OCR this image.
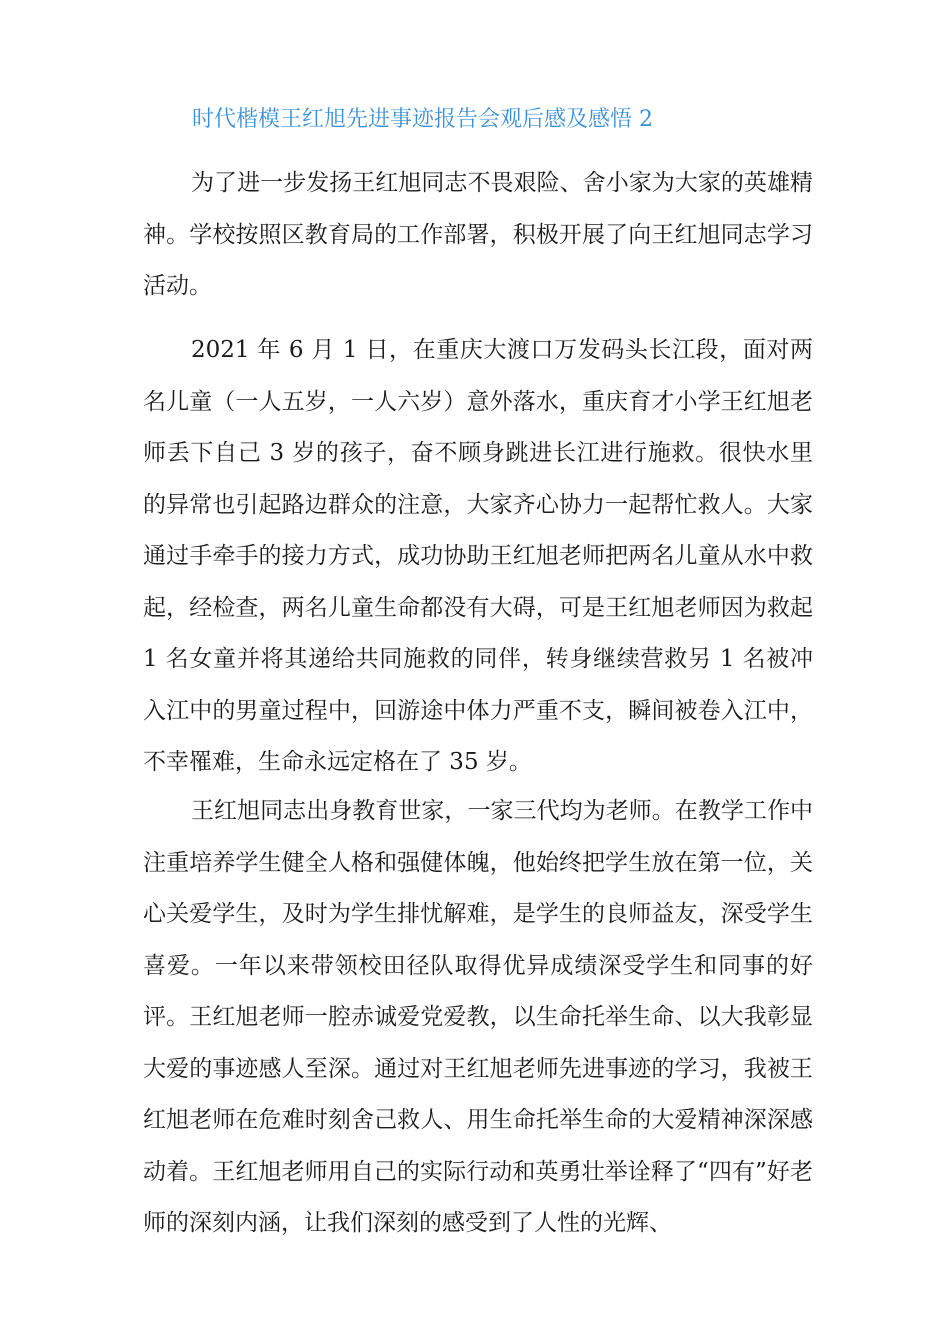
时代楷模王红旭先进事迹报告会观后感及感悟 2

为了进一步发扬王红旭同志不畏艰险、舍小家为大家的英雄精神。学校按照区教育局的工作部署，积极开展了向王红旭同志学习活动。

2021 年 6 月 1 日，在重庆大渡口万发码头长江段，面对两名儿童（一人五岁，一人六岁）意外落水，重庆育才小学王红旭老师丢下自己 3 岁的孩子，奋不顾身跳进长江进行施救。很快水里的异常也引起路边群众的注意，大家齐心协力一起帮忙救人。大家通过手牵手的接力方式，成功协助王红旭老师把两名儿童从水中救起，经检查，两名儿童生命都没有大碍，可是王红旭老师因为救起 1 名女童并将其递给共同施救的同伴，转身继续营救另 1 名被冲入江中的男童过程中，回游途中体力严重不支，瞬间被卷入江中，不幸罹难，生命永远定格在了 35 岁。

王红旭同志出身教育世家，一家三代均为老师。在教学工作中注重培养学生健全人格和强健体魄，他始终把学生放在第一位，关心关爱学生，及时为学生排忧解难，是学生的良师益友，深受学生喜爱。一年以来带领校田径队取得优异成绩深受学生和同事的好评。王红旭老师一腔赤诚爱党爱教，以生命托举生命、以大我彰显大爱的事迹感人至深。通过对王红旭老师先进事迹的学习，我被王红旭老师在危难时刻舍己救人、用生命托举生命的大爱精神深深感动着。王红旭老师用自己的实际行动和英勇壮举诠释了“四有”好老师的深刻内涵，让我们深刻的感受到了人性的光辉、
